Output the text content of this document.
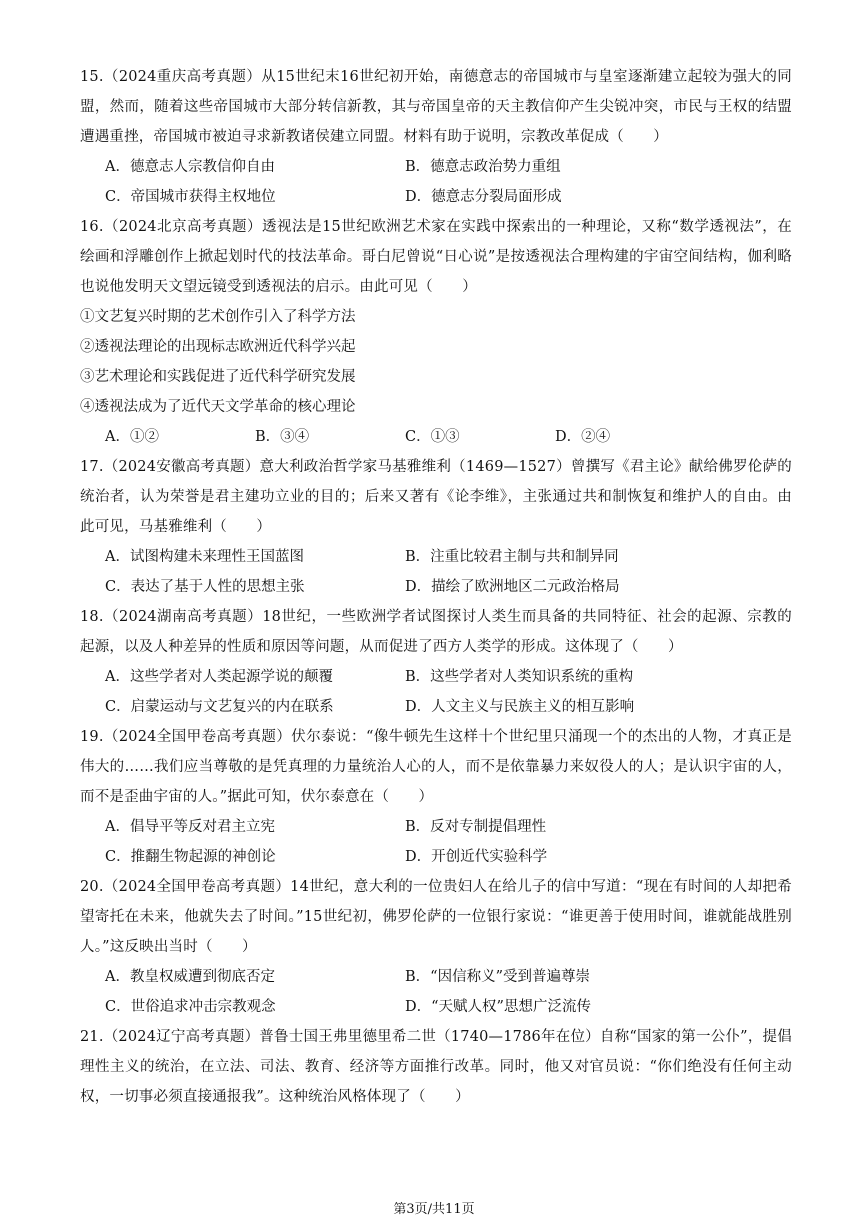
15.（2024重庆高考真题）从15世纪末16世纪初开始，南德意志的帝国城市与皇室逐渐建立起较为强大的同盟，然而，随着这些帝国城市大部分转信新教，其与帝国皇帝的天主教信仰产生尖锐冲突，市民与王权的结盟遭遇重挫，帝国城市被迫寻求新教诸侯建立同盟。材料有助于说明，宗教改革促成（　　）
A．德意志人宗教信仰自由	B．德意志政治势力重组
C．帝国城市获得主权地位	D．德意志分裂局面形成
16.（2024北京高考真题）透视法是15世纪欧洲艺术家在实践中探索出的一种理论，又称“数学透视法”，在绘画和浮雕创作上掀起划时代的技法革命。哥白尼曾说“日心说”是按透视法合理构建的宇宙空间结构，伽利略也说他发明天文望远镜受到透视法的启示。由此可见（　　）
①文艺复兴时期的艺术创作引入了科学方法
②透视法理论的出现标志欧洲近代科学兴起
③艺术理论和实践促进了近代科学研究发展
④透视法成为了近代天文学革命的核心理论
A．①②	B．③④	C．①③	D．②④
17.（2024安徽高考真题）意大利政治哲学家马基雅维利（1469—1527）曾撰写《君主论》献给佛罗伦萨的统治者，认为荣誉是君主建功立业的目的；后来又著有《论李维》，主张通过共和制恢复和维护人的自由。由此可见，马基雅维利（　　）
A．试图构建未来理性王国蓝图	B．注重比较君主制与共和制异同
C．表达了基于人性的思想主张	D．描绘了欧洲地区二元政治格局
18.（2024湖南高考真题）18世纪，一些欧洲学者试图探讨人类生而具备的共同特征、社会的起源、宗教的起源，以及人种差异的性质和原因等问题，从而促进了西方人类学的形成。这体现了（　　）
A．这些学者对人类起源学说的颠覆	B．这些学者对人类知识系统的重构
C．启蒙运动与文艺复兴的内在联系	D．人文主义与民族主义的相互影响
19.（2024全国甲卷高考真题）伏尔泰说：“像牛顿先生这样十个世纪里只涌现一个的杰出的人物，才真正是伟大的……我们应当尊敬的是凭真理的力量统治人心的人，而不是依靠暴力来奴役人的人；是认识宇宙的人，而不是歪曲宇宙的人。”据此可知，伏尔泰意在（　　）
A．倡导平等反对君主立宪	B．反对专制提倡理性
C．推翻生物起源的神创论	D．开创近代实验科学
20.（2024全国甲卷高考真题）14世纪，意大利的一位贵妇人在给儿子的信中写道：“现在有时间的人却把希望寄托在未来，他就失去了时间。”15世纪初，佛罗伦萨的一位银行家说：“谁更善于使用时间，谁就能战胜别人。”这反映出当时（　　）
A．教皇权威遭到彻底否定	B．“因信称义”受到普遍尊崇
C．世俗追求冲击宗教观念	D．“天赋人权”思想广泛流传
21.（2024辽宁高考真题）普鲁士国王弗里德里希二世（1740—1786年在位）自称“国家的第一公仆”，提倡理性主义的统治，在立法、司法、教育、经济等方面推行改革。同时，他又对官员说：“你们绝没有任何主动权，一切事必须直接通报我”。这种统治风格体现了（　　）
第3页/共11页
